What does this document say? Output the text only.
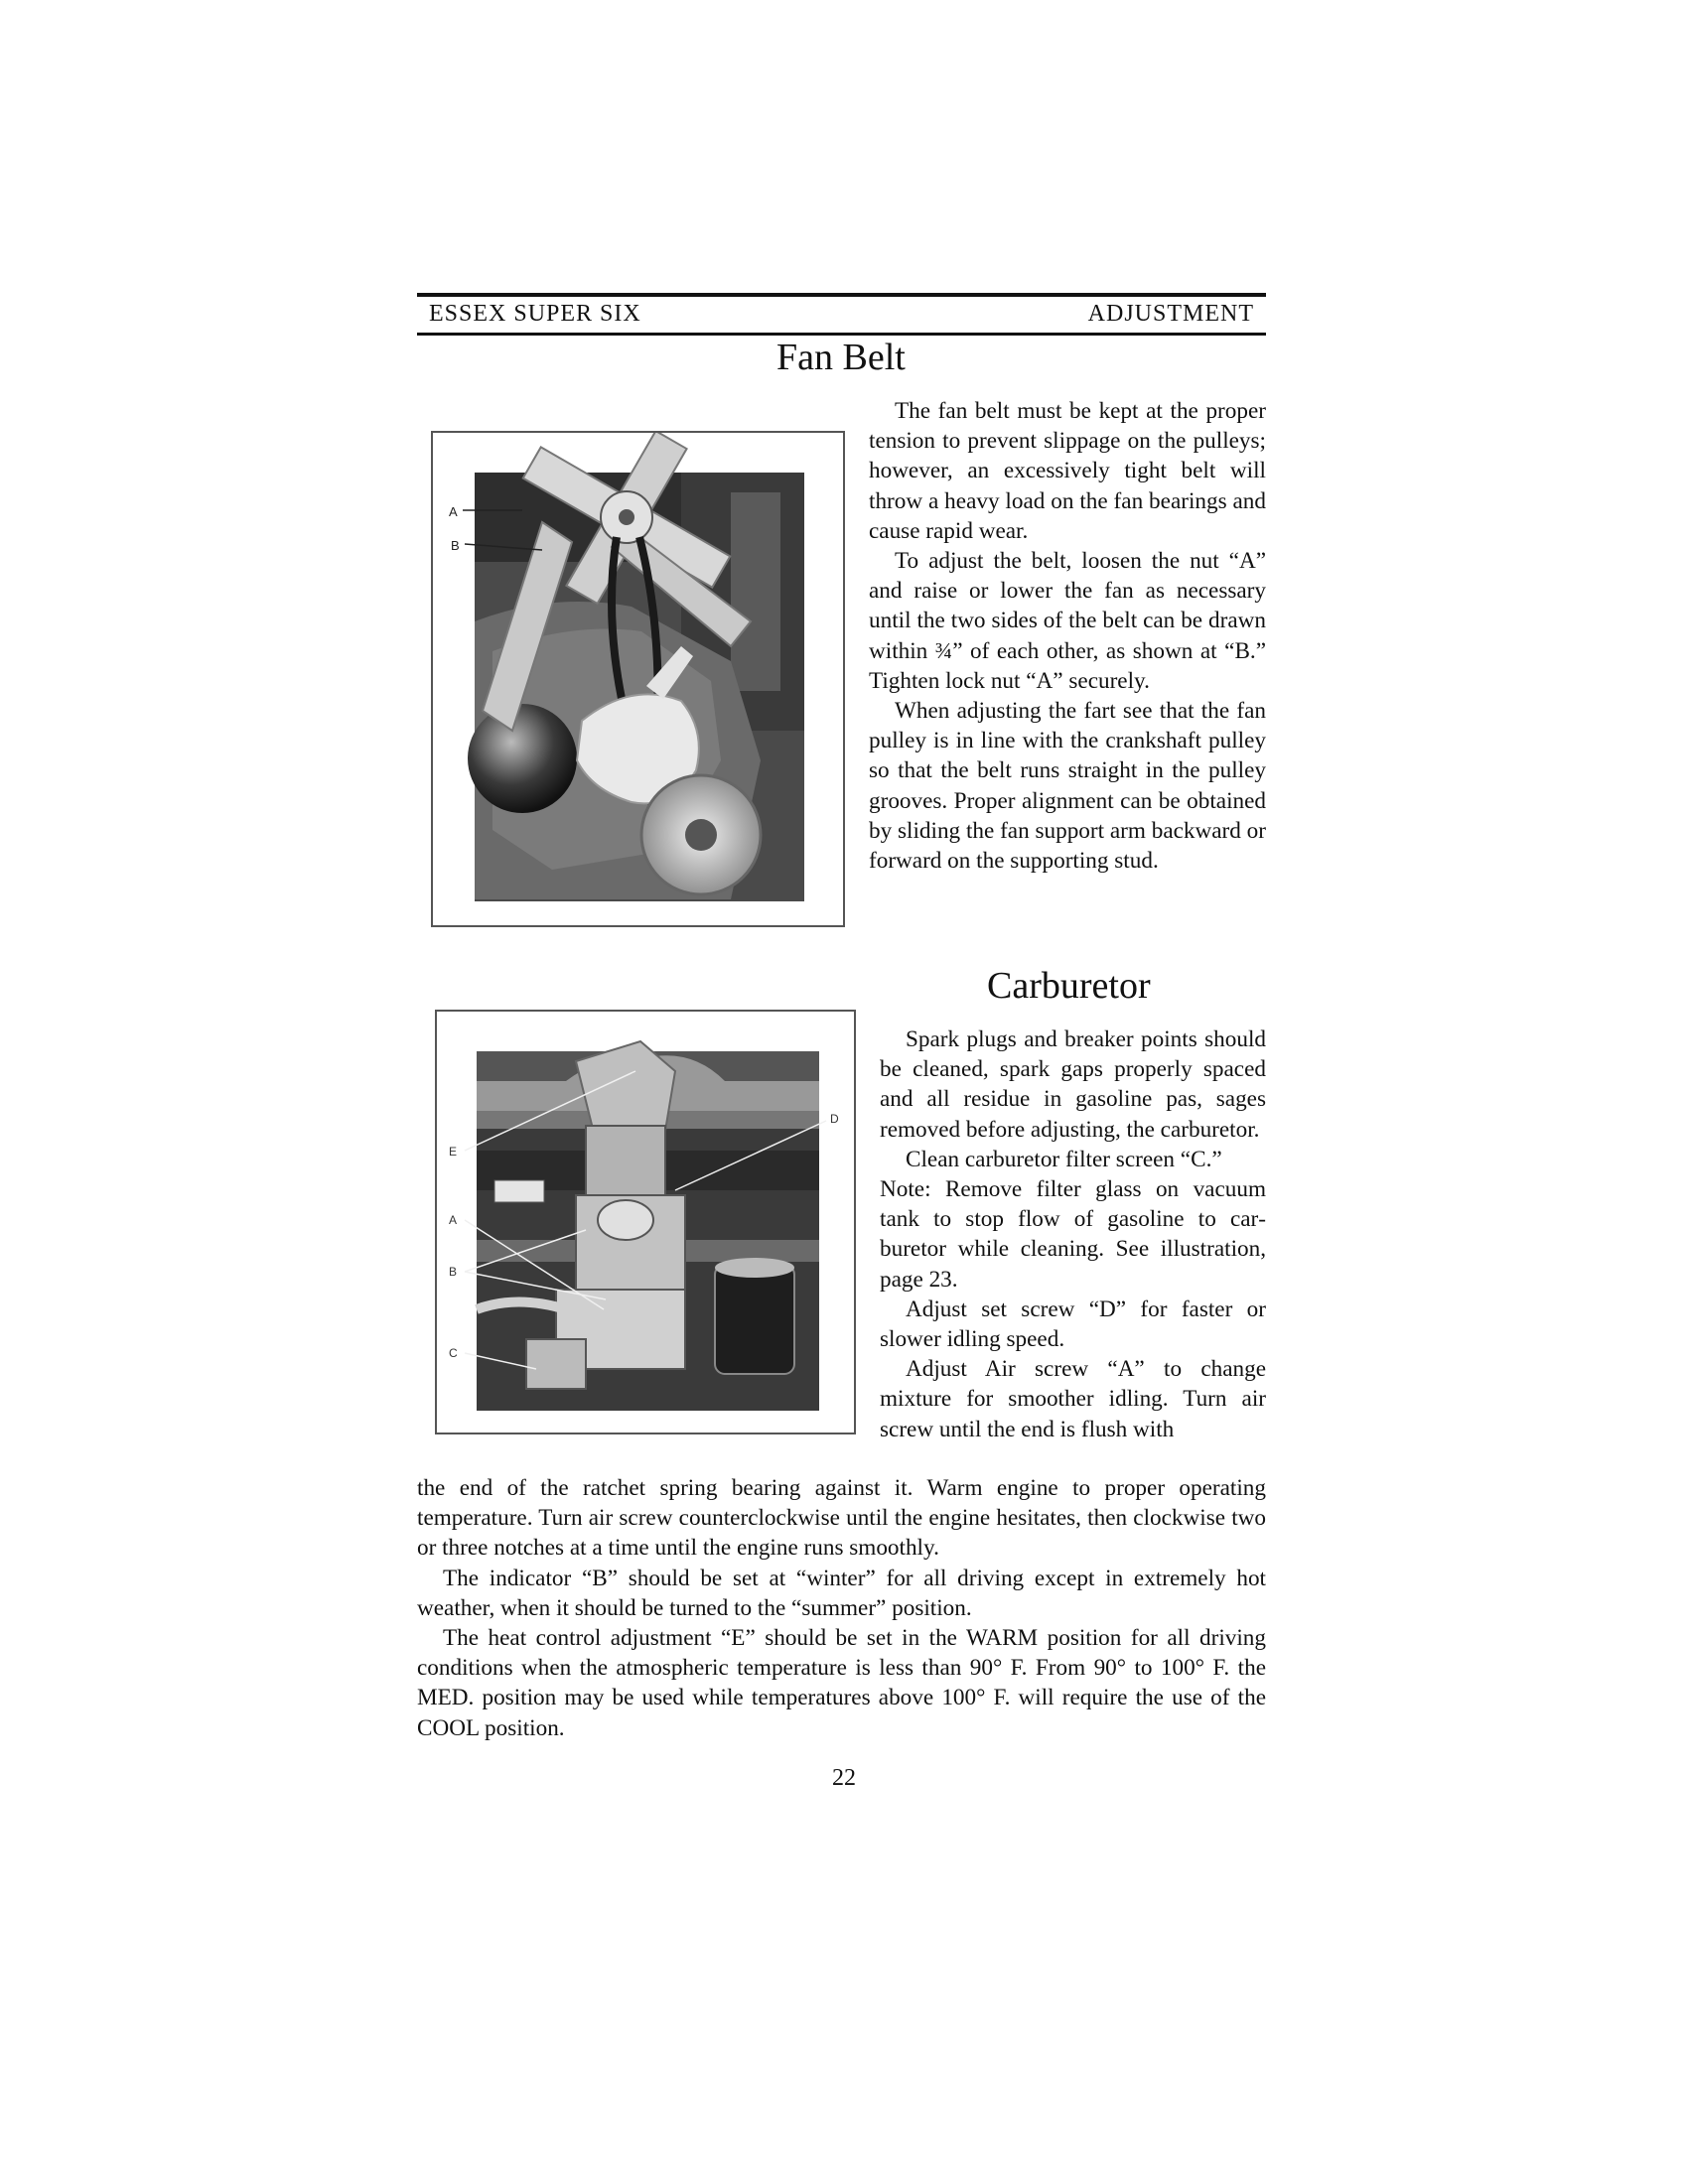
ESSEX SUPER SIX	ADJUSTMENT
Fan Belt
A
B

The fan belt must be kept at the proper tension to prevent slippage on the pulleys; however, an excessively tight belt will throw a heavy load on the fan bearings and cause rapid wear.

To adjust the belt, loosen the nut “A” and raise or lower the fan as necessary until the two sides of the belt can be drawn within ¾” of each other, as shown at “B.” Tighten lock nut “A” securely.

When adjusting the fart see that the fan pulley is in line with the crankshaft pulley so that the belt runs straight in the pulley grooves. Proper alignment can be obtained by sliding the fan support arm backward or forward on the supporting stud.

Carburetor
E
A
B
C
D

Spark plugs and breaker points should be cleaned, spark gaps properly spaced and all residue in gasoline pas, sages removed before adjusting, the carburetor.

Clean carburetor filter screen “C.”

Note: Remove filter glass on vacuum tank to stop flow of gasoline to carburetor while cleaning. See illustration, page 23.

Adjust set screw “D” for faster or slower idling speed.

Adjust Air screw “A” to change mixture for smoother idling. Turn air screw until the end is flush with

the end of the ratchet spring bearing against it. Warm engine to proper operating temperature. Turn air screw counterclockwise until the engine hesitates, then clockwise two or three notches at a time until the engine runs smoothly.

The indicator “B” should be set at “winter” for all driving except in extremely hot weather, when it should be turned to the “summer” position.

The heat control adjustment “E” should be set in the WARM position for all driving conditions when the atmospheric temperature is less than 90° F. From 90° to 100° F. the MED. position may be used while temperatures above 100° F. will require the use of the COOL position.

22
